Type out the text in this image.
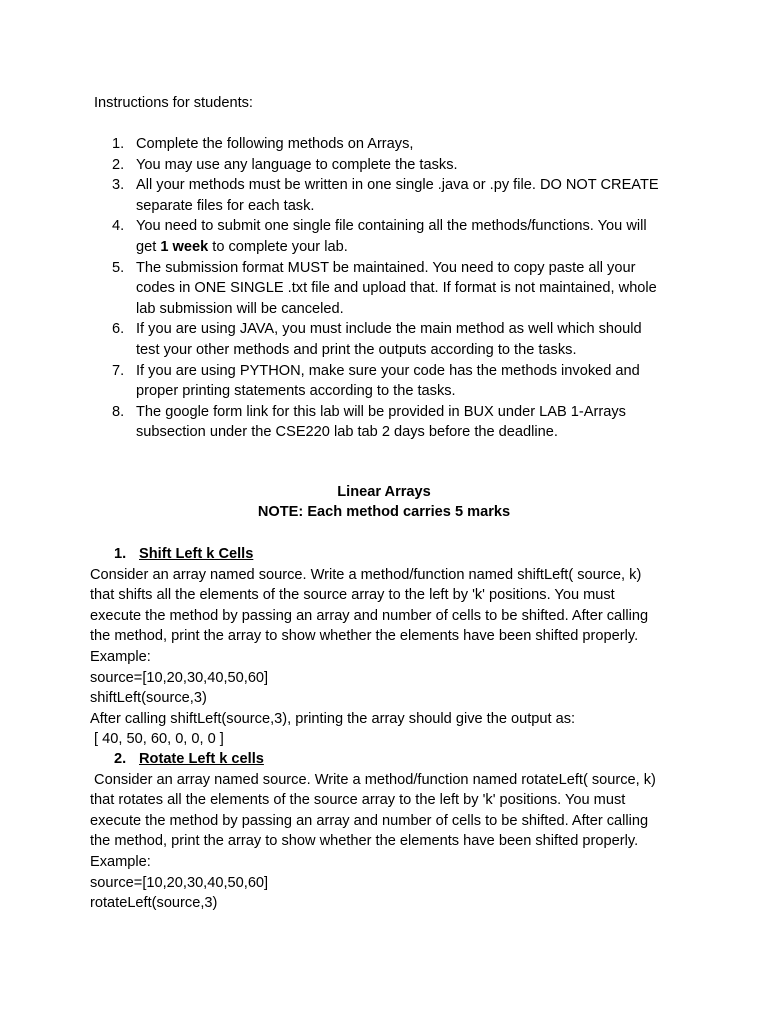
Instructions for students:
1. Complete the following methods on Arrays,
2. You may use any language to complete the tasks.
3. All your methods must be written in one single .java or .py file. DO NOT CREATE
separate files for each task.
4. You need to submit one single file containing all the methods/functions. You will
get 1 week to complete your lab.
5. The submission format MUST be maintained. You need to copy paste all your
codes in ONE SINGLE .txt file and upload that. If format is not maintained, whole
lab submission will be canceled.
6. If you are using JAVA, you must include the main method as well which should
test your other methods and print the outputs according to the tasks.
7. If you are using PYTHON, make sure your code has the methods invoked and
proper printing statements according to the tasks.
8. The google form link for this lab will be provided in BUX under LAB 1-Arrays
subsection under the CSE220 lab tab 2 days before the deadline.
Linear Arrays
NOTE: Each method carries 5 marks
1. Shift Left k Cells
Consider an array named source. Write a method/function named shiftLeft( source, k)
that shifts all the elements of the source array to the left by 'k' positions. You must
execute the method by passing an array and number of cells to be shifted. After calling
the method, print the array to show whether the elements have been shifted properly.
Example:
source=[10,20,30,40,50,60]
shiftLeft(source,3)
After calling shiftLeft(source,3), printing the array should give the output as:
[ 40, 50, 60, 0, 0, 0 ]
2. Rotate Left k cells
Consider an array named source. Write a method/function named rotateLeft( source, k)
that rotates all the elements of the source array to the left by 'k' positions. You must
execute the method by passing an array and number of cells to be shifted. After calling
the method, print the array to show whether the elements have been shifted properly.
Example:
source=[10,20,30,40,50,60]
rotateLeft(source,3)
